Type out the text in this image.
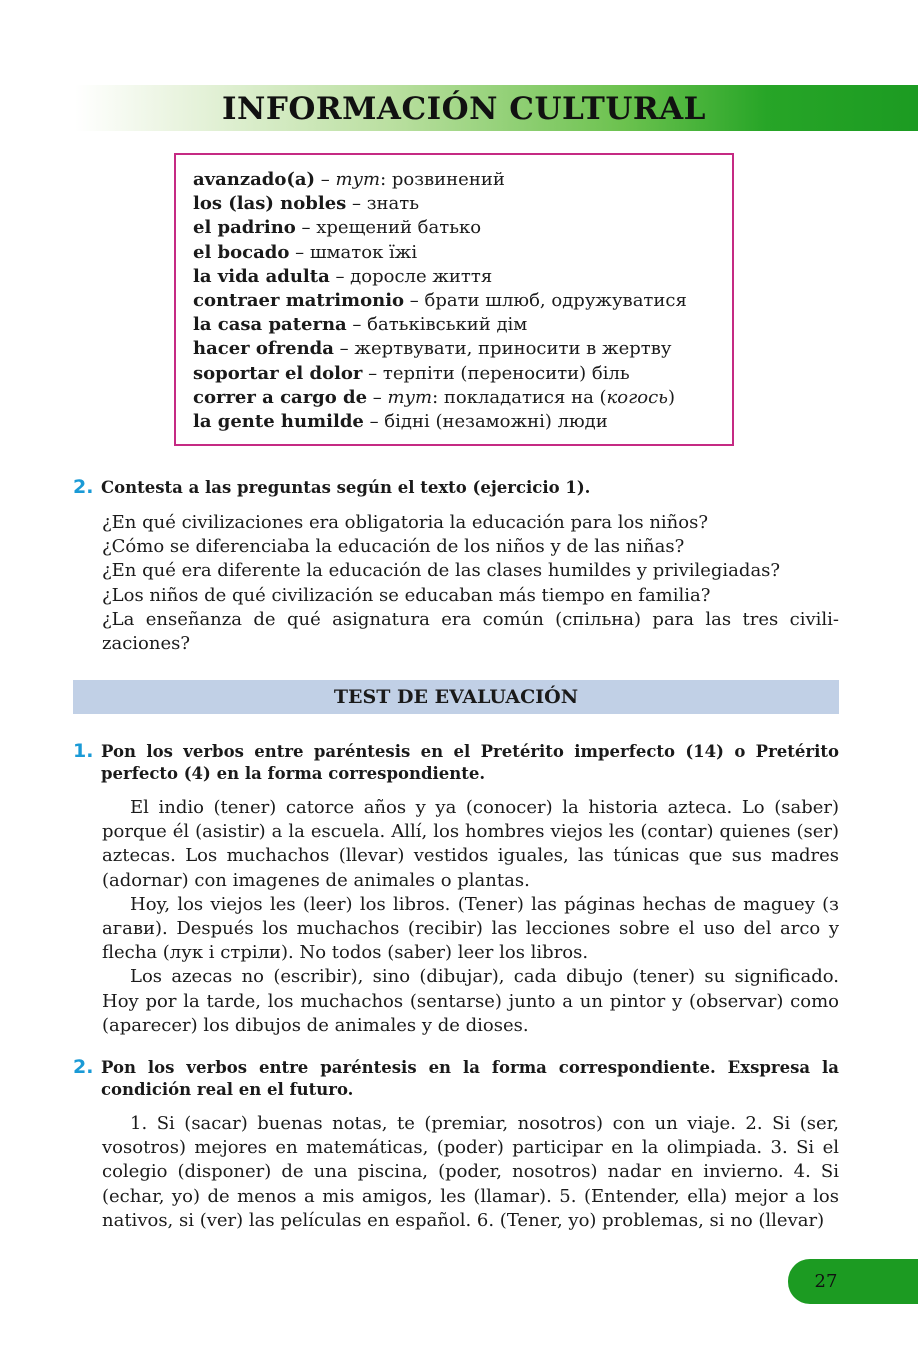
INFORMACIÓN CULTURAL
avanzado(a) – тут: розвинений
los (las) nobles – знать
el padrino – хрещений батько
el bocado – шматок їжі
la vida adulta – доросле життя
contraer matrimonio – брати шлюб, одружуватися
la casa paterna – батьківський дім
hacer ofrenda – жертвувати, приносити в жертву
soportar el dolor – терпіти (переносити) біль
correr a cargo de – тут: покладатися на (когось)
la gente humilde – бідні (незаможні) люди
2. Contesta a las preguntas según el texto (ejercicio 1).
¿En qué civilizaciones era obligatoria la educación para los niños?
¿Cómo se diferenciaba la educación de los niños y de las niñas?
¿En qué era diferente la educación de las clases humildes y privilegiadas?
¿Los niños de qué civilización se educaban más tiempo en familia?
¿La enseñanza de qué asignatura era común (спільна) para las tres civili- zaciones?
TEST DE EVALUACIÓN
1. Pon los verbos entre paréntesis en el Pretérito imperfecto (14) o Pretérito perfecto (4) en la forma correspondiente.

El indio (tener) catorce años y ya (conocer) la historia azteca. Lo (saber) porque él (asistir) a la escuela. Allí, los hombres viejos les (contar) quienes (ser) aztecas. Los muchachos (llevar) vestidos iguales, las túnicas que sus madres (adornar) con imagenes de animales o plantas.

Hoy, los viejos les (leer) los libros. (Tener) las páginas hechas de maguey (з агави). Después los muchachos (recibir) las lecciones sobre el uso del arco y flecha (лук і стріли). No todos (saber) leer los libros.

Los azecas no (escribir), sino (dibujar), cada dibujo (tener) su significado. Hoy por la tarde, los muchachos (sentarse) junto a un pintor y (observar) como (aparecer) los dibujos de animales y de dioses.

2. Pon los verbos entre paréntesis en la forma correspondiente. Exspresa la condición real en el futuro.

1. Si (sacar) buenas notas, te (premiar, nosotros) con un viaje. 2. Si (ser, vosotros) mejores en matemáticas, (poder) participar en la olimpiada. 3. Si el colegio (disponer) de una piscina, (poder, nosotros) nadar en invierno. 4. Si (echar, yo) de menos a mis amigos, les (llamar). 5. (Entender, ella) mejor a los nativos, si (ver) las películas en español. 6. (Tener, yo) problemas, si no (llevar)

27
